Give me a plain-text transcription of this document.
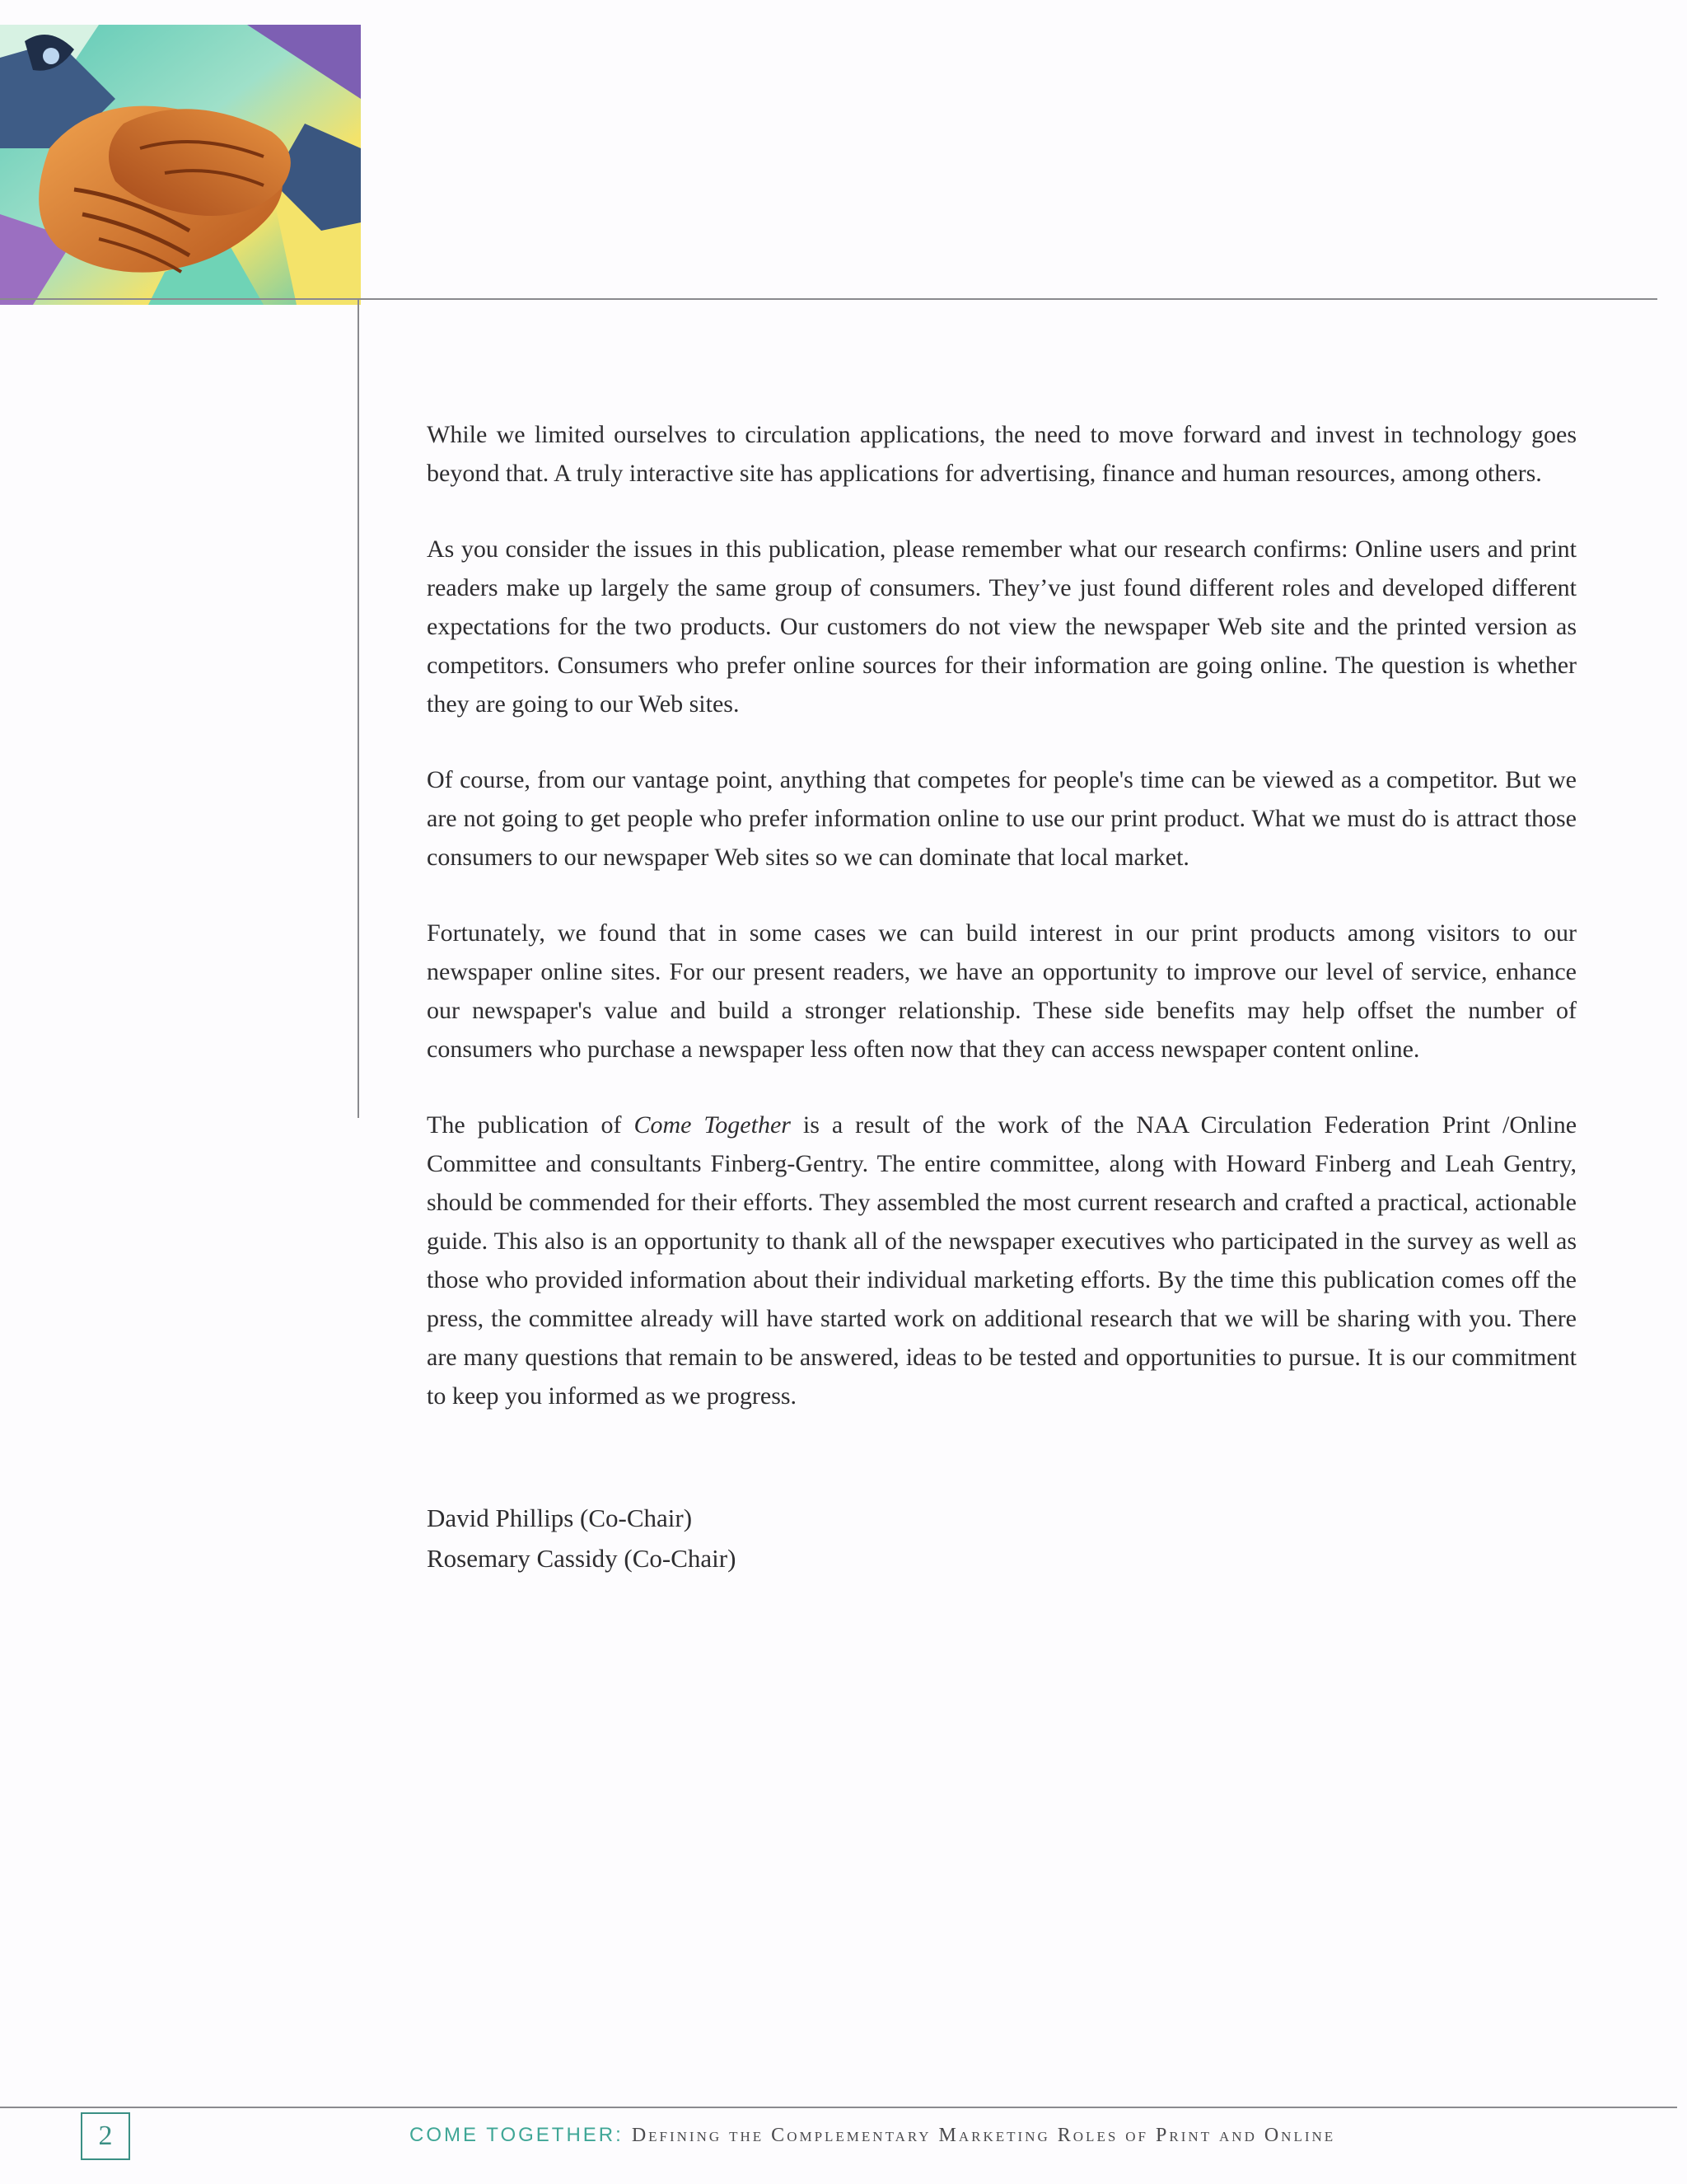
While we limited ourselves to circulation applications, the need to move forward and invest in technology goes beyond that. A truly interactive site has applications for advertising, finance and human resources, among others.

As you consider the issues in this publication, please remember what our research confirms: Online users and print readers make up largely the same group of consumers. They’ve just found different roles and developed different expectations for the two products. Our customers do not view the newspaper Web site and the printed version as competitors. Consumers who prefer online sources for their information are going online. The question is whether they are going to our Web sites.

Of course, from our vantage point, anything that competes for people's time can be viewed as a competitor. But we are not going to get people who prefer information online to use our print product. What we must do is attract those consumers to our newspaper Web sites so we can dominate that local market.

Fortunately, we found that in some cases we can build interest in our print products among visitors to our newspaper online sites. For our present readers, we have an opportunity to improve our level of service, enhance our newspaper's value and build a stronger relationship. These side benefits may help offset the number of consumers who purchase a newspaper less often now that they can access newspaper content online.

The publication of Come Together is a result of the work of the NAA Circulation Federation Print /Online Committee and consultants Finberg-Gentry. The entire committee, along with Howard Finberg and Leah Gentry, should be commended for their efforts. They assembled the most current research and crafted a practical, actionable guide. This also is an opportunity to thank all of the newspaper executives who participated in the survey as well as those who provided information about their individual marketing efforts. By the time this publication comes off the press, the committee already will have started work on additional research that we will be sharing with you. There are many questions that remain to be answered, ideas to be tested and opportunities to pursue. It is our commitment to keep you informed as we progress.

David Phillips (Co-Chair)
Rosemary Cassidy (Co-Chair)
2	COME TOGETHER: Defining the Complementary Marketing Roles of Print and Online
